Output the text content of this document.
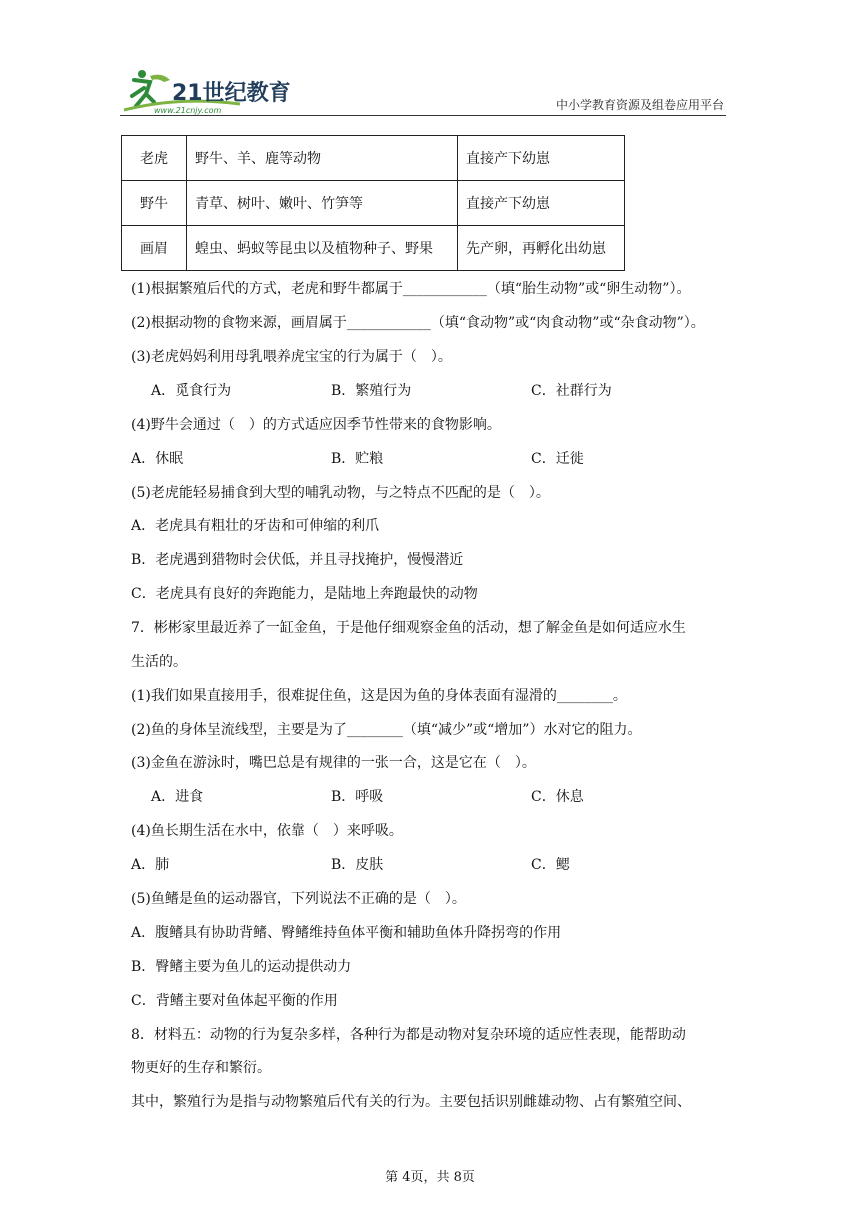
21世纪教育
www.21cnjy.com	中小学教育资源及组卷应用平台
老虎	野牛、羊、鹿等动物	直接产下幼崽
野牛	青草、树叶、嫩叶、竹笋等	直接产下幼崽
画眉	蝗虫、蚂蚁等昆虫以及植物种子、野果	先产卵，再孵化出幼崽
(1)根据繁殖后代的方式，老虎和野牛都属于____________（填“胎生动物”或“卵生动物”）。
(2)根据动物的食物来源，画眉属于____________（填“食动物”或“肉食动物”或“杂食动物”）。
(3)老虎妈妈利用母乳喂养虎宝宝的行为属于（　）。
A．觅食行为	B．繁殖行为	C．社群行为
(4)野牛会通过（　）的方式适应因季节性带来的食物影响。
A．休眠	B．贮粮	C．迁徙
(5)老虎能轻易捕食到大型的哺乳动物，与之特点不匹配的是（　）。
A．老虎具有粗壮的牙齿和可伸缩的利爪
B．老虎遇到猎物时会伏低，并且寻找掩护，慢慢潜近
C．老虎具有良好的奔跑能力，是陆地上奔跑最快的动物
7．彬彬家里最近养了一缸金鱼，于是他仔细观察金鱼的活动，想了解金鱼是如何适应水生
生活的。
(1)我们如果直接用手，很难捉住鱼，这是因为鱼的身体表面有湿滑的________。
(2)鱼的身体呈流线型，主要是为了________（填“减少”或“增加”）水对它的阻力。
(3)金鱼在游泳时，嘴巴总是有规律的一张一合，这是它在（　）。
A．进食	B．呼吸	C．休息
(4)鱼长期生活在水中，依靠（　）来呼吸。
A．肺	B．皮肤	C．鳃
(5)鱼鳍是鱼的运动器官，下列说法不正确的是（　）。
A．腹鳍具有协助背鳍、臀鳍维持鱼体平衡和辅助鱼体升降拐弯的作用
B．臀鳍主要为鱼儿的运动提供动力
C．背鳍主要对鱼体起平衡的作用
8．材料五：动物的行为复杂多样，各种行为都是动物对复杂环境的适应性表现，能帮助动
物更好的生存和繁衍。
其中，繁殖行为是指与动物繁殖后代有关的行为。主要包括识别雌雄动物、占有繁殖空间、
第 4页，共 8页
